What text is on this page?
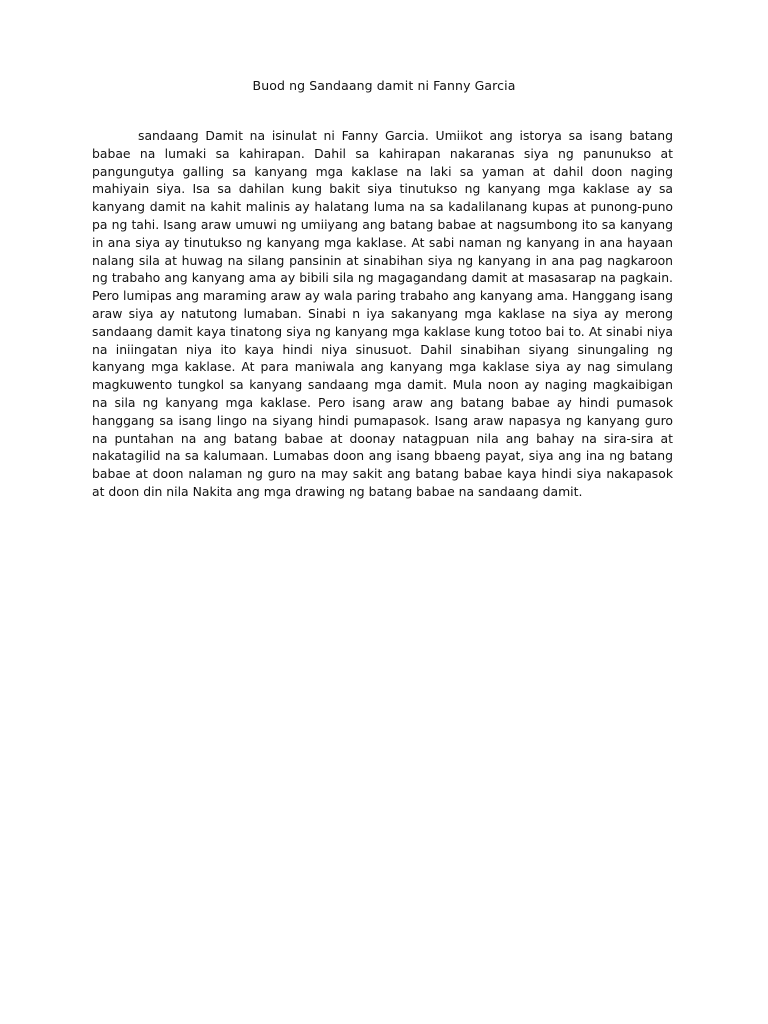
Buod ng Sandaang damit ni Fanny Garcia

sandaang Damit na isinulat ni Fanny Garcia. Umiikot ang istorya sa isang batang babae na lumaki sa kahirapan. Dahil sa kahirapan nakaranas siya ng panunukso at pangungutya galling sa kanyang mga kaklase na laki sa yaman at dahil doon naging mahiyain siya. Isa sa dahilan kung bakit siya tinutukso ng kanyang mga kaklase ay sa kanyang damit na kahit malinis ay halatang luma na sa kadalilanang kupas at punong-puno pa ng tahi. Isang araw umuwi ng umiiyang ang batang babae at nagsumbong ito sa kanyang in ana siya ay tinutukso ng kanyang mga kaklase. At sabi naman ng kanyang in ana hayaan nalang sila at huwag na silang pansinin at sinabihan siya ng kanyang in ana pag nagkaroon ng trabaho ang kanyang ama ay bibili sila ng magagandang damit at masasarap na pagkain. Pero lumipas ang maraming araw ay wala paring trabaho ang kanyang ama. Hanggang isang araw siya ay natutong lumaban. Sinabi n iya sakanyang mga kaklase na siya ay merong sandaang damit kaya tinatong siya ng kanyang mga kaklase kung totoo bai to. At sinabi niya na iniingatan niya ito kaya hindi niya sinusuot. Dahil sinabihan siyang sinungaling ng kanyang mga kaklase. At para maniwala ang kanyang mga kaklase siya ay nag simulang magkuwento tungkol sa kanyang sandaang mga damit. Mula noon ay naging magkaibigan na sila ng kanyang mga kaklase. Pero isang araw ang batang babae ay hindi pumasok hanggang sa isang lingo na siyang hindi pumapasok. Isang araw napasya ng kanyang guro na puntahan na ang batang babae at doonay natagpuan nila ang bahay na sira-sira at nakatagilid na sa kalumaan. Lumabas doon ang isang bbaeng payat, siya ang ina ng batang babae at doon nalaman ng guro na may sakit ang batang babae kaya hindi siya nakapasok at doon din nila Nakita ang mga drawing ng batang babae na sandaang damit.
